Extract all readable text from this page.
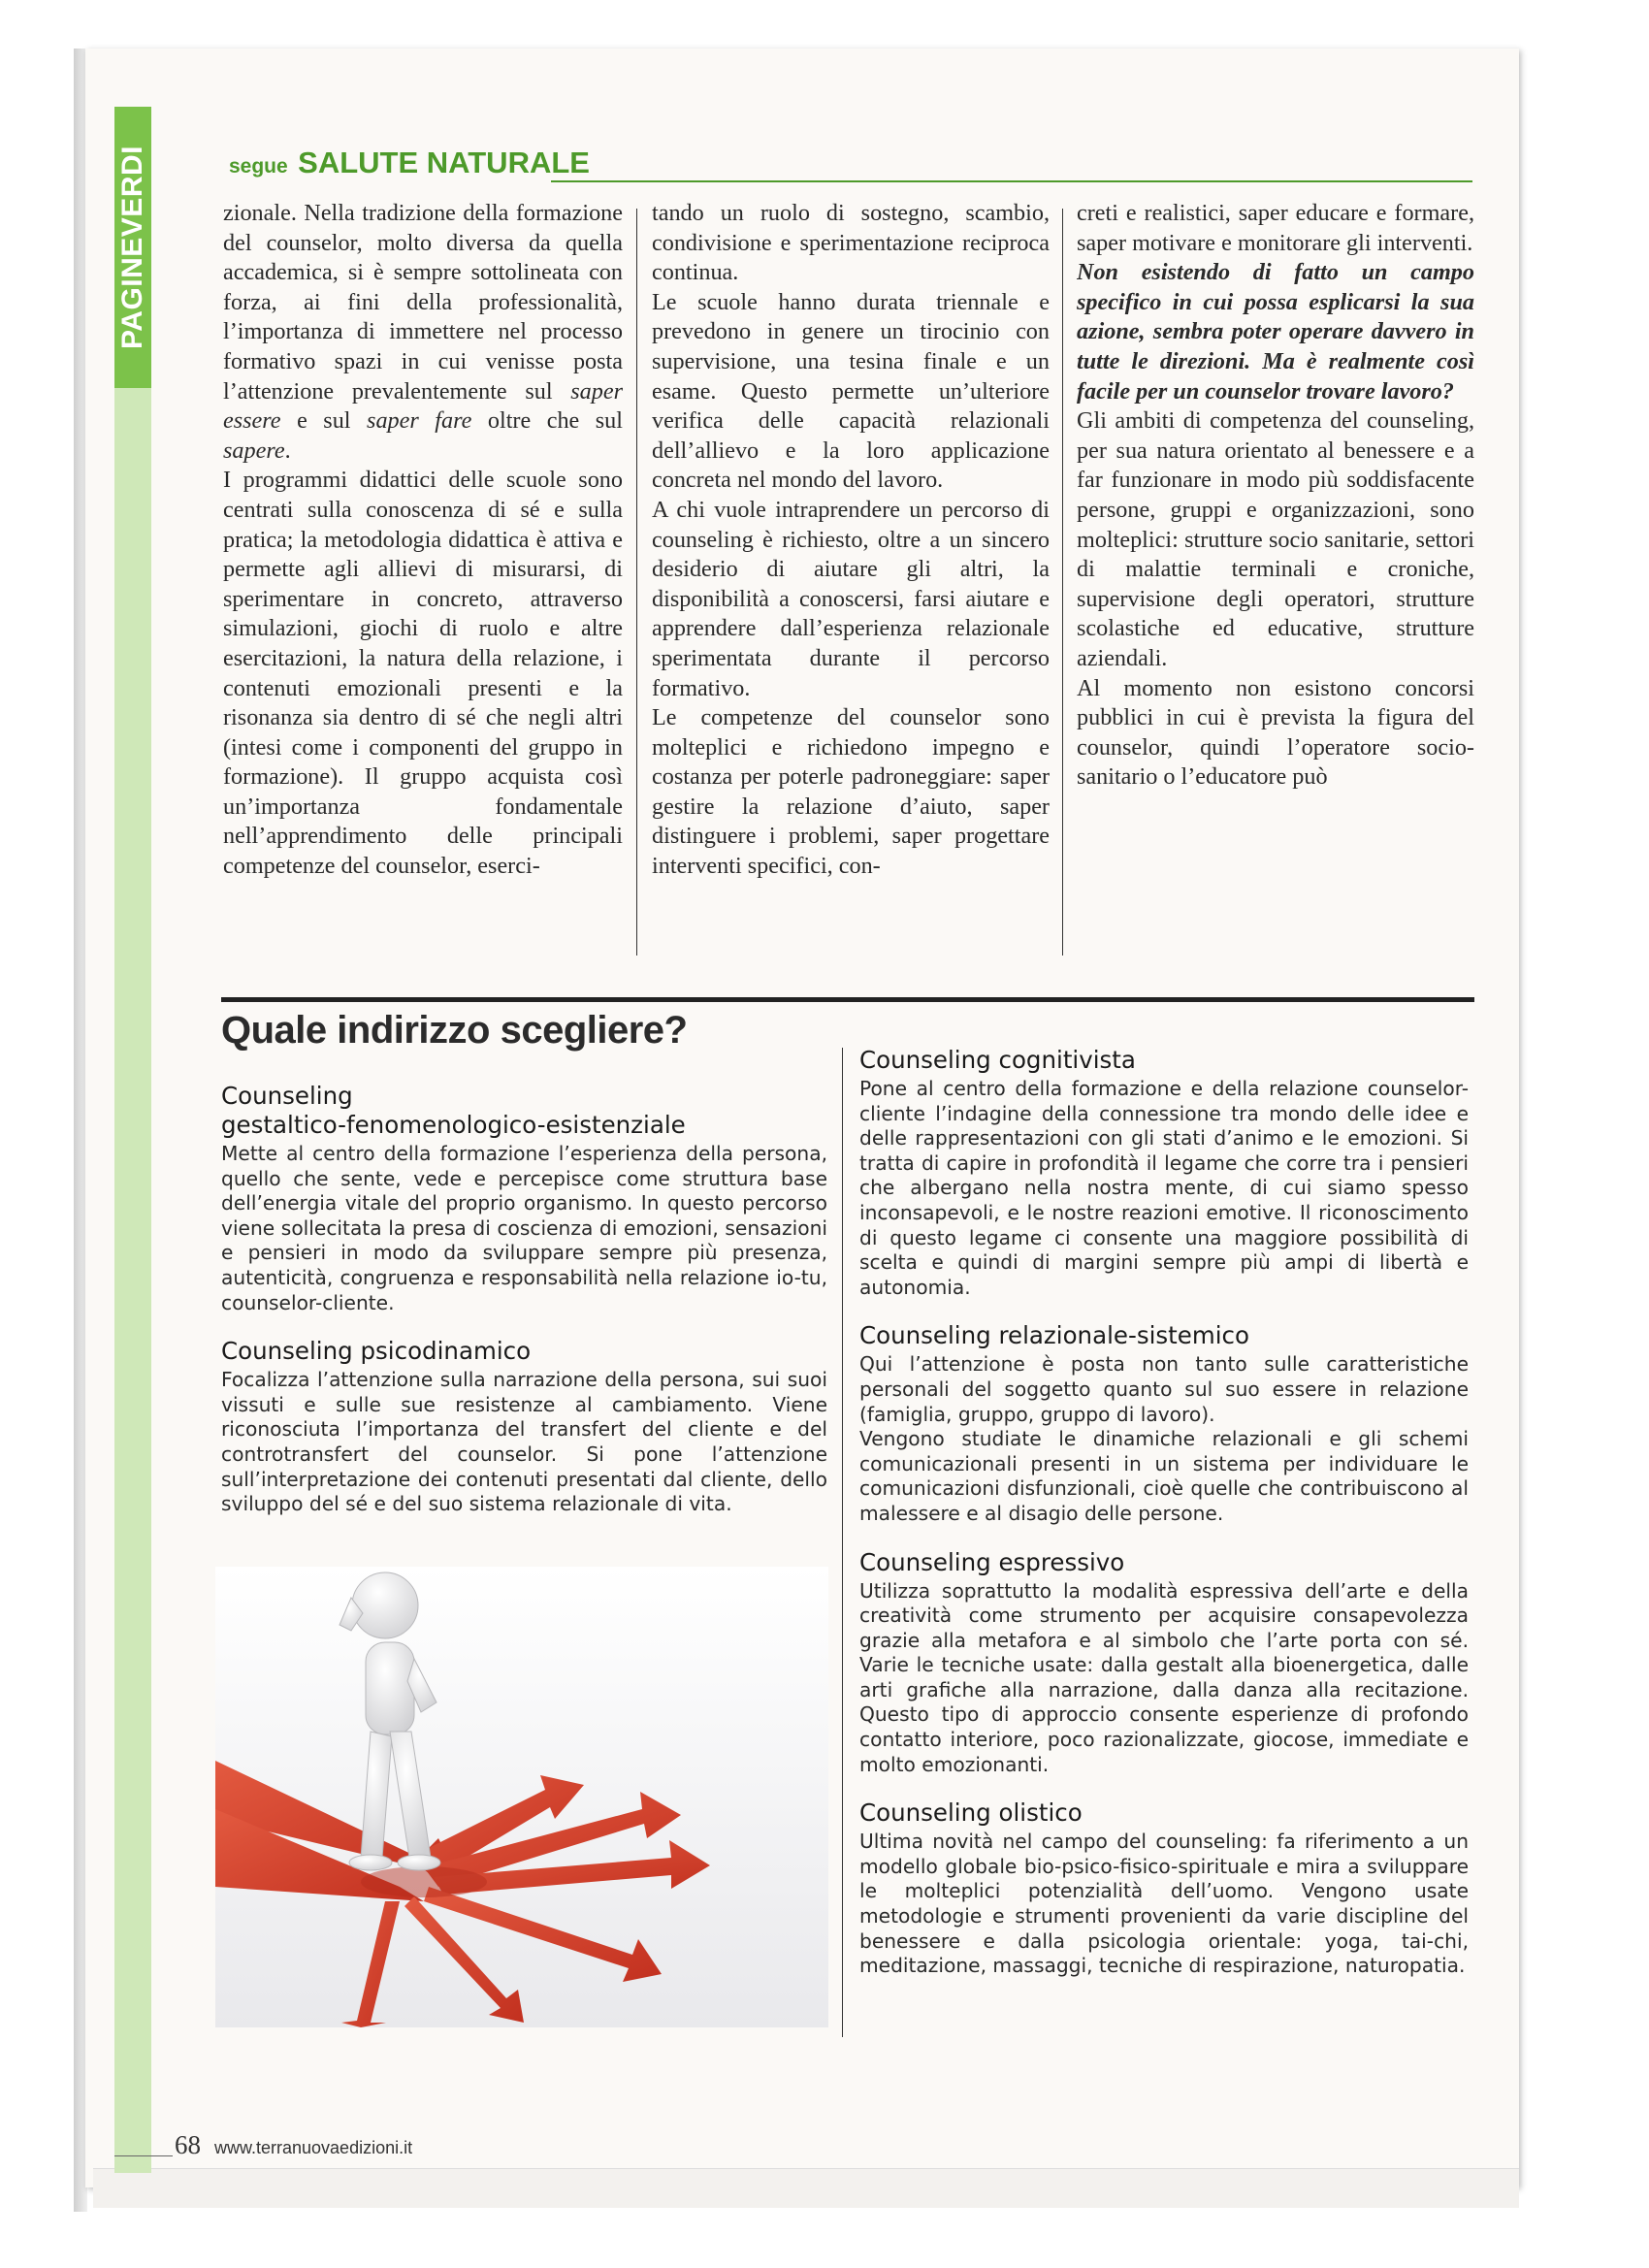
PAGINEVERDI	segue SALUTE NATURALE

zionale. Nella tradizione della formazione del counselor, molto diversa da quella accademica, si è sempre sottolineata con forza, ai fini della professionalità, l’importanza di immettere nel processo formativo spazi in cui venisse posta l’attenzione prevalentemente sul saper essere e sul saper fare oltre che sul sapere.

I programmi didattici delle scuole sono centrati sulla conoscenza di sé e sulla pratica; la metodologia didattica è attiva e permette agli allievi di misurarsi, di sperimentare in concreto, attraverso simulazioni, giochi di ruolo e altre esercitazioni, la natura della relazione, i contenuti emozionali presenti e la risonanza sia dentro di sé che negli altri (intesi come i componenti del gruppo in formazione). Il gruppo acquista così un’importanza fondamentale nell’apprendimento delle principali competenze del counselor, eserci-

tando un ruolo di sostegno, scambio, condivisione e sperimentazione reciproca continua.

Le scuole hanno durata triennale e prevedono in genere un tirocinio con supervisione, una tesina finale e un esame. Questo permette un’ulteriore verifica delle capacità relazionali dell’allievo e la loro applicazione concreta nel mondo del lavoro.

A chi vuole intraprendere un percorso di counseling è richiesto, oltre a un sincero desiderio di aiutare gli altri, la disponibilità a conoscersi, farsi aiutare e apprendere dall’esperienza relazionale sperimentata durante il percorso formativo.

Le competenze del counselor sono molteplici e richiedono impegno e costanza per poterle padroneggiare: saper gestire la relazione d’aiuto, saper distinguere i problemi, saper progettare interventi specifici, con-

creti e realistici, saper educare e formare, saper motivare e monitorare gli interventi.

Non esistendo di fatto un campo specifico in cui possa esplicarsi la sua azione, sembra poter operare davvero in tutte le direzioni. Ma è realmente così facile per un counselor trovare lavoro?

Gli ambiti di competenza del counseling, per sua natura orientato al benessere e a far funzionare in modo più soddisfacente persone, gruppi e organizzazioni, sono molteplici: strutture socio sanitarie, settori di malattie terminali e croniche, supervisione degli operatori, strutture scolastiche ed educative, strutture aziendali.

Al momento non esistono concorsi pubblici in cui è prevista la figura del counselor, quindi l’operatore socio-sanitario o l’educatore può

Quale indirizzo scegliere?
Counseling
gestaltico-fenomenologico-esistenziale

Mette al centro della formazione l’esperienza della persona, quello che sente, vede e percepisce come struttura base dell’energia vitale del proprio organismo. In questo percorso viene sollecitata la presa di coscienza di emozioni, sensazioni e pensieri in modo da sviluppare sempre più presenza, autenticità, congruenza e responsabilità nella relazione io-tu, counselor-cliente.

Counseling psicodinamico

Focalizza l’attenzione sulla narrazione della persona, sui suoi vissuti e sulle sue resistenze al cambiamento. Viene riconosciuta l’importanza del transfert del cliente e del controtransfert del counselor. Si pone l’attenzione sull’interpretazione dei contenuti presentati dal cliente, dello sviluppo del sé e del suo sistema relazionale di vita.

Counseling cognitivista

Pone al centro della formazione e della relazione counselor-cliente l’indagine della connessione tra mondo delle idee e delle rappresentazioni con gli stati d’animo e le emozioni. Si tratta di capire in profondità il legame che corre tra i pensieri che albergano nella nostra mente, di cui siamo spesso inconsapevoli, e le nostre reazioni emotive. Il riconoscimento di questo legame ci consente una maggiore possibilità di scelta e quindi di margini sempre più ampi di libertà e autonomia.

Counseling relazionale-sistemico

Qui l’attenzione è posta non tanto sulle caratteristiche personali del soggetto quanto sul suo essere in relazione (famiglia, gruppo, gruppo di lavoro).
Vengono studiate le dinamiche relazionali e gli schemi comunicazionali presenti in un sistema per individuare le comunicazioni disfunzionali, cioè quelle che contribuiscono al malessere e al disagio delle persone.

Counseling espressivo

Utilizza soprattutto la modalità espressiva dell’arte e della creatività come strumento per acquisire consapevolezza grazie alla metafora e al simbolo che l’arte porta con sé. Varie le tecniche usate: dalla gestalt alla bioenergetica, dalle arti grafiche alla narrazione, dalla danza alla recitazione. Questo tipo di approccio consente esperienze di profondo contatto interiore, poco razionalizzate, giocose, immediate e molto emozionanti.

Counseling olistico

Ultima novità nel campo del counseling: fa riferimento a un modello globale bio-psico-fisico-spirituale e mira a sviluppare le molteplici potenzialità dell’uomo. Vengono usate metodologie e strumenti provenienti da varie discipline del benessere e dalla psicologia orientale: yoga, tai-chi, meditazione, massaggi, tecniche di respirazione, naturopatia.

68 www.terranuovaedizioni.it
